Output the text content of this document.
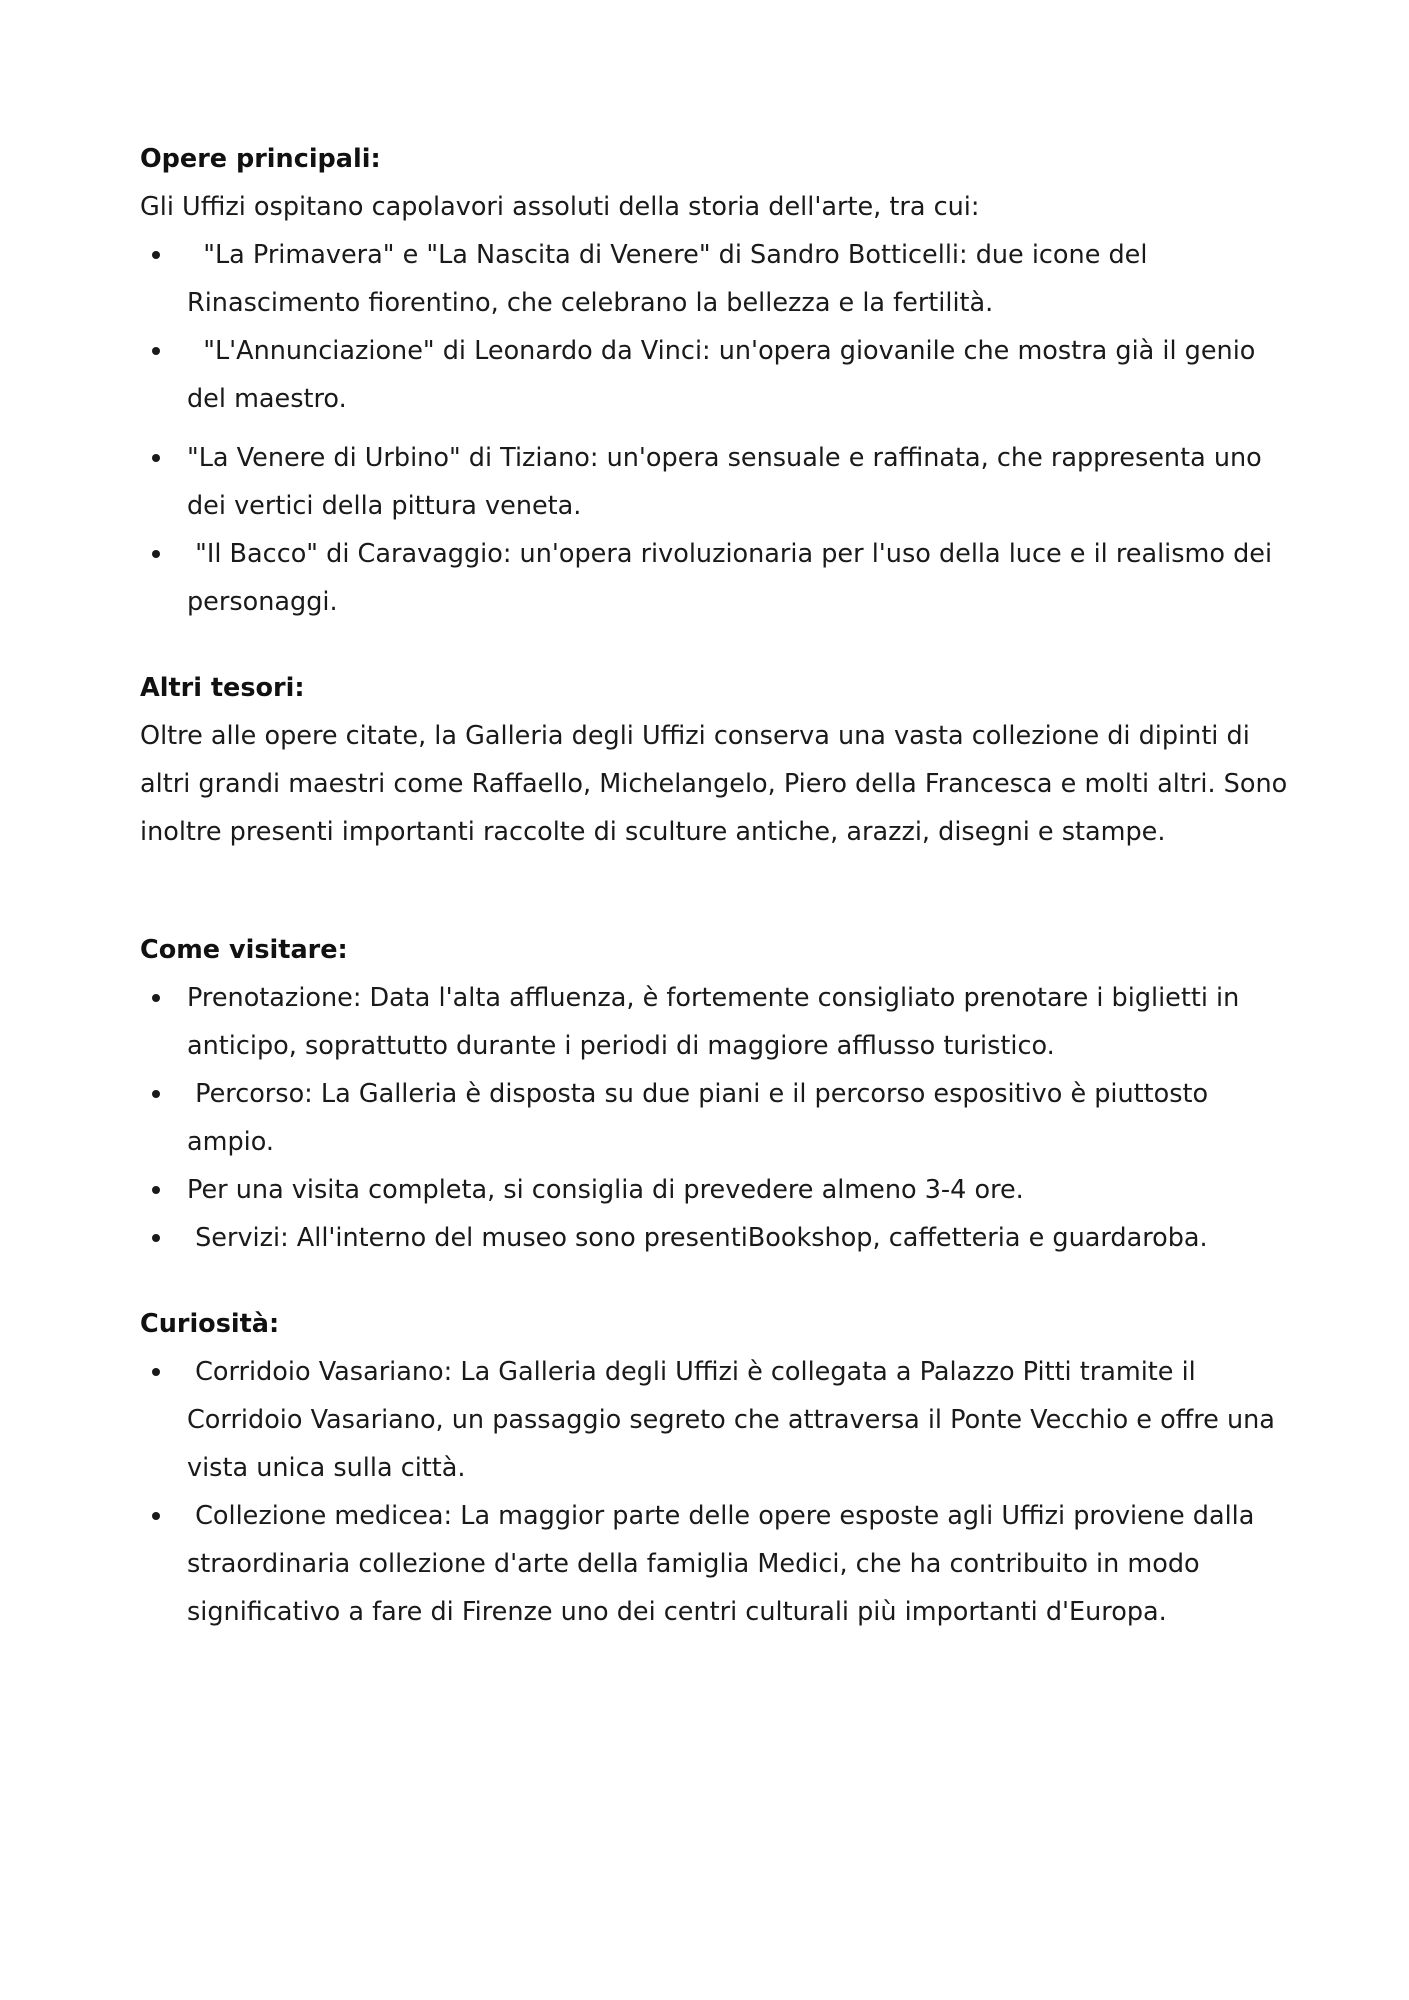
Opere principali:

Gli Uffizi ospitano capolavori assoluti della storia dell'arte, tra cui:

"La Primavera" e "La Nascita di Venere" di Sandro Botticelli: due icone del Rinascimento fiorentino, che celebrano la bellezza e la fertilità.
"L'Annunciazione" di Leonardo da Vinci: un'opera giovanile che mostra già il genio del maestro.
"La Venere di Urbino" di Tiziano: un'opera sensuale e raffinata, che rappresenta uno dei vertici della pittura veneta.
"Il Bacco" di Caravaggio: un'opera rivoluzionaria per l'uso della luce e il realismo dei personaggi.

Altri tesori:

Oltre alle opere citate, la Galleria degli Uffizi conserva una vasta collezione di dipinti di altri grandi maestri come Raffaello, Michelangelo, Piero della Francesca e molti altri. Sono inoltre presenti importanti raccolte di sculture antiche, arazzi, disegni e stampe.

Come visitare:

Prenotazione: Data l'alta affluenza, è fortemente consigliato prenotare i biglietti in anticipo, soprattutto durante i periodi di maggiore afflusso turistico.
Percorso: La Galleria è disposta su due piani e il percorso espositivo è piuttosto ampio.
Per una visita completa, si consiglia di prevedere almeno 3-4 ore.
Servizi: All'interno del museo sono presentiBookshop, caffetteria e guardaroba.

Curiosità:

Corridoio Vasariano: La Galleria degli Uffizi è collegata a Palazzo Pitti tramite il Corridoio Vasariano, un passaggio segreto che attraversa il Ponte Vecchio e offre una vista unica sulla città.
Collezione medicea: La maggior parte delle opere esposte agli Uffizi proviene dalla straordinaria collezione d'arte della famiglia Medici, che ha contribuito in modo significativo a fare di Firenze uno dei centri culturali più importanti d'Europa.
